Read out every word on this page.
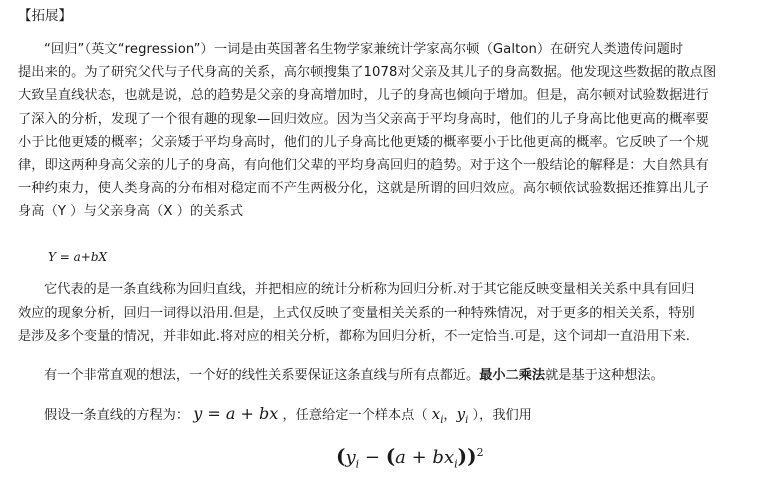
【拓展】
“回归”（英文“regression”）一词是由英国著名生物学家兼统计学家高尔顿（Galton）在研究人类遗传问题时
提出来的。为了研究父代与子代身高的关系，高尔顿搜集了1078对父亲及其儿子的身高数据。他发现这些数据的散点图
大致呈直线状态，也就是说，总的趋势是父亲的身高增加时，儿子的身高也倾向于增加。但是，高尔顿对试验数据进行
了深入的分析，发现了一个很有趣的现象—回归效应。因为当父亲高于平均身高时，他们的儿子身高比他更高的概率要
小于比他更矮的概率；父亲矮于平均身高时，他们的儿子身高比他更矮的概率要小于比他更高的概率。它反映了一个规
律，即这两种身高父亲的儿子的身高，有向他们父辈的平均身高回归的趋势。对于这个一般结论的解释是：大自然具有
一种约束力，使人类身高的分布相对稳定而不产生两极分化，这就是所谓的回归效应。高尔顿依试验数据还推算出儿子
身高（Y ）与父亲身高（X ）的关系式
Y = a+bX
它代表的是一条直线称为回归直线，并把相应的统计分析称为回归分析.对于其它能反映变量相关关系中具有回归
效应的现象分析，回归一词得以沿用.但是，上式仅反映了变量相关关系的一种特殊情况，对于更多的相关关系，特别
是涉及多个变量的情况，并非如此.将对应的相关分析，都称为回归分析，不一定恰当.可是，这个词却一直沿用下来.
有一个非常直观的想法，一个好的线性关系要保证这条直线与所有点都近。最小二乘法就是基于这种想法。
假设一条直线的方程为： y = a + bx ，任意给定一个样本点（ $x_i$，$y_i$ ），我们用
$(y_i - (a + bx_i))^2$
